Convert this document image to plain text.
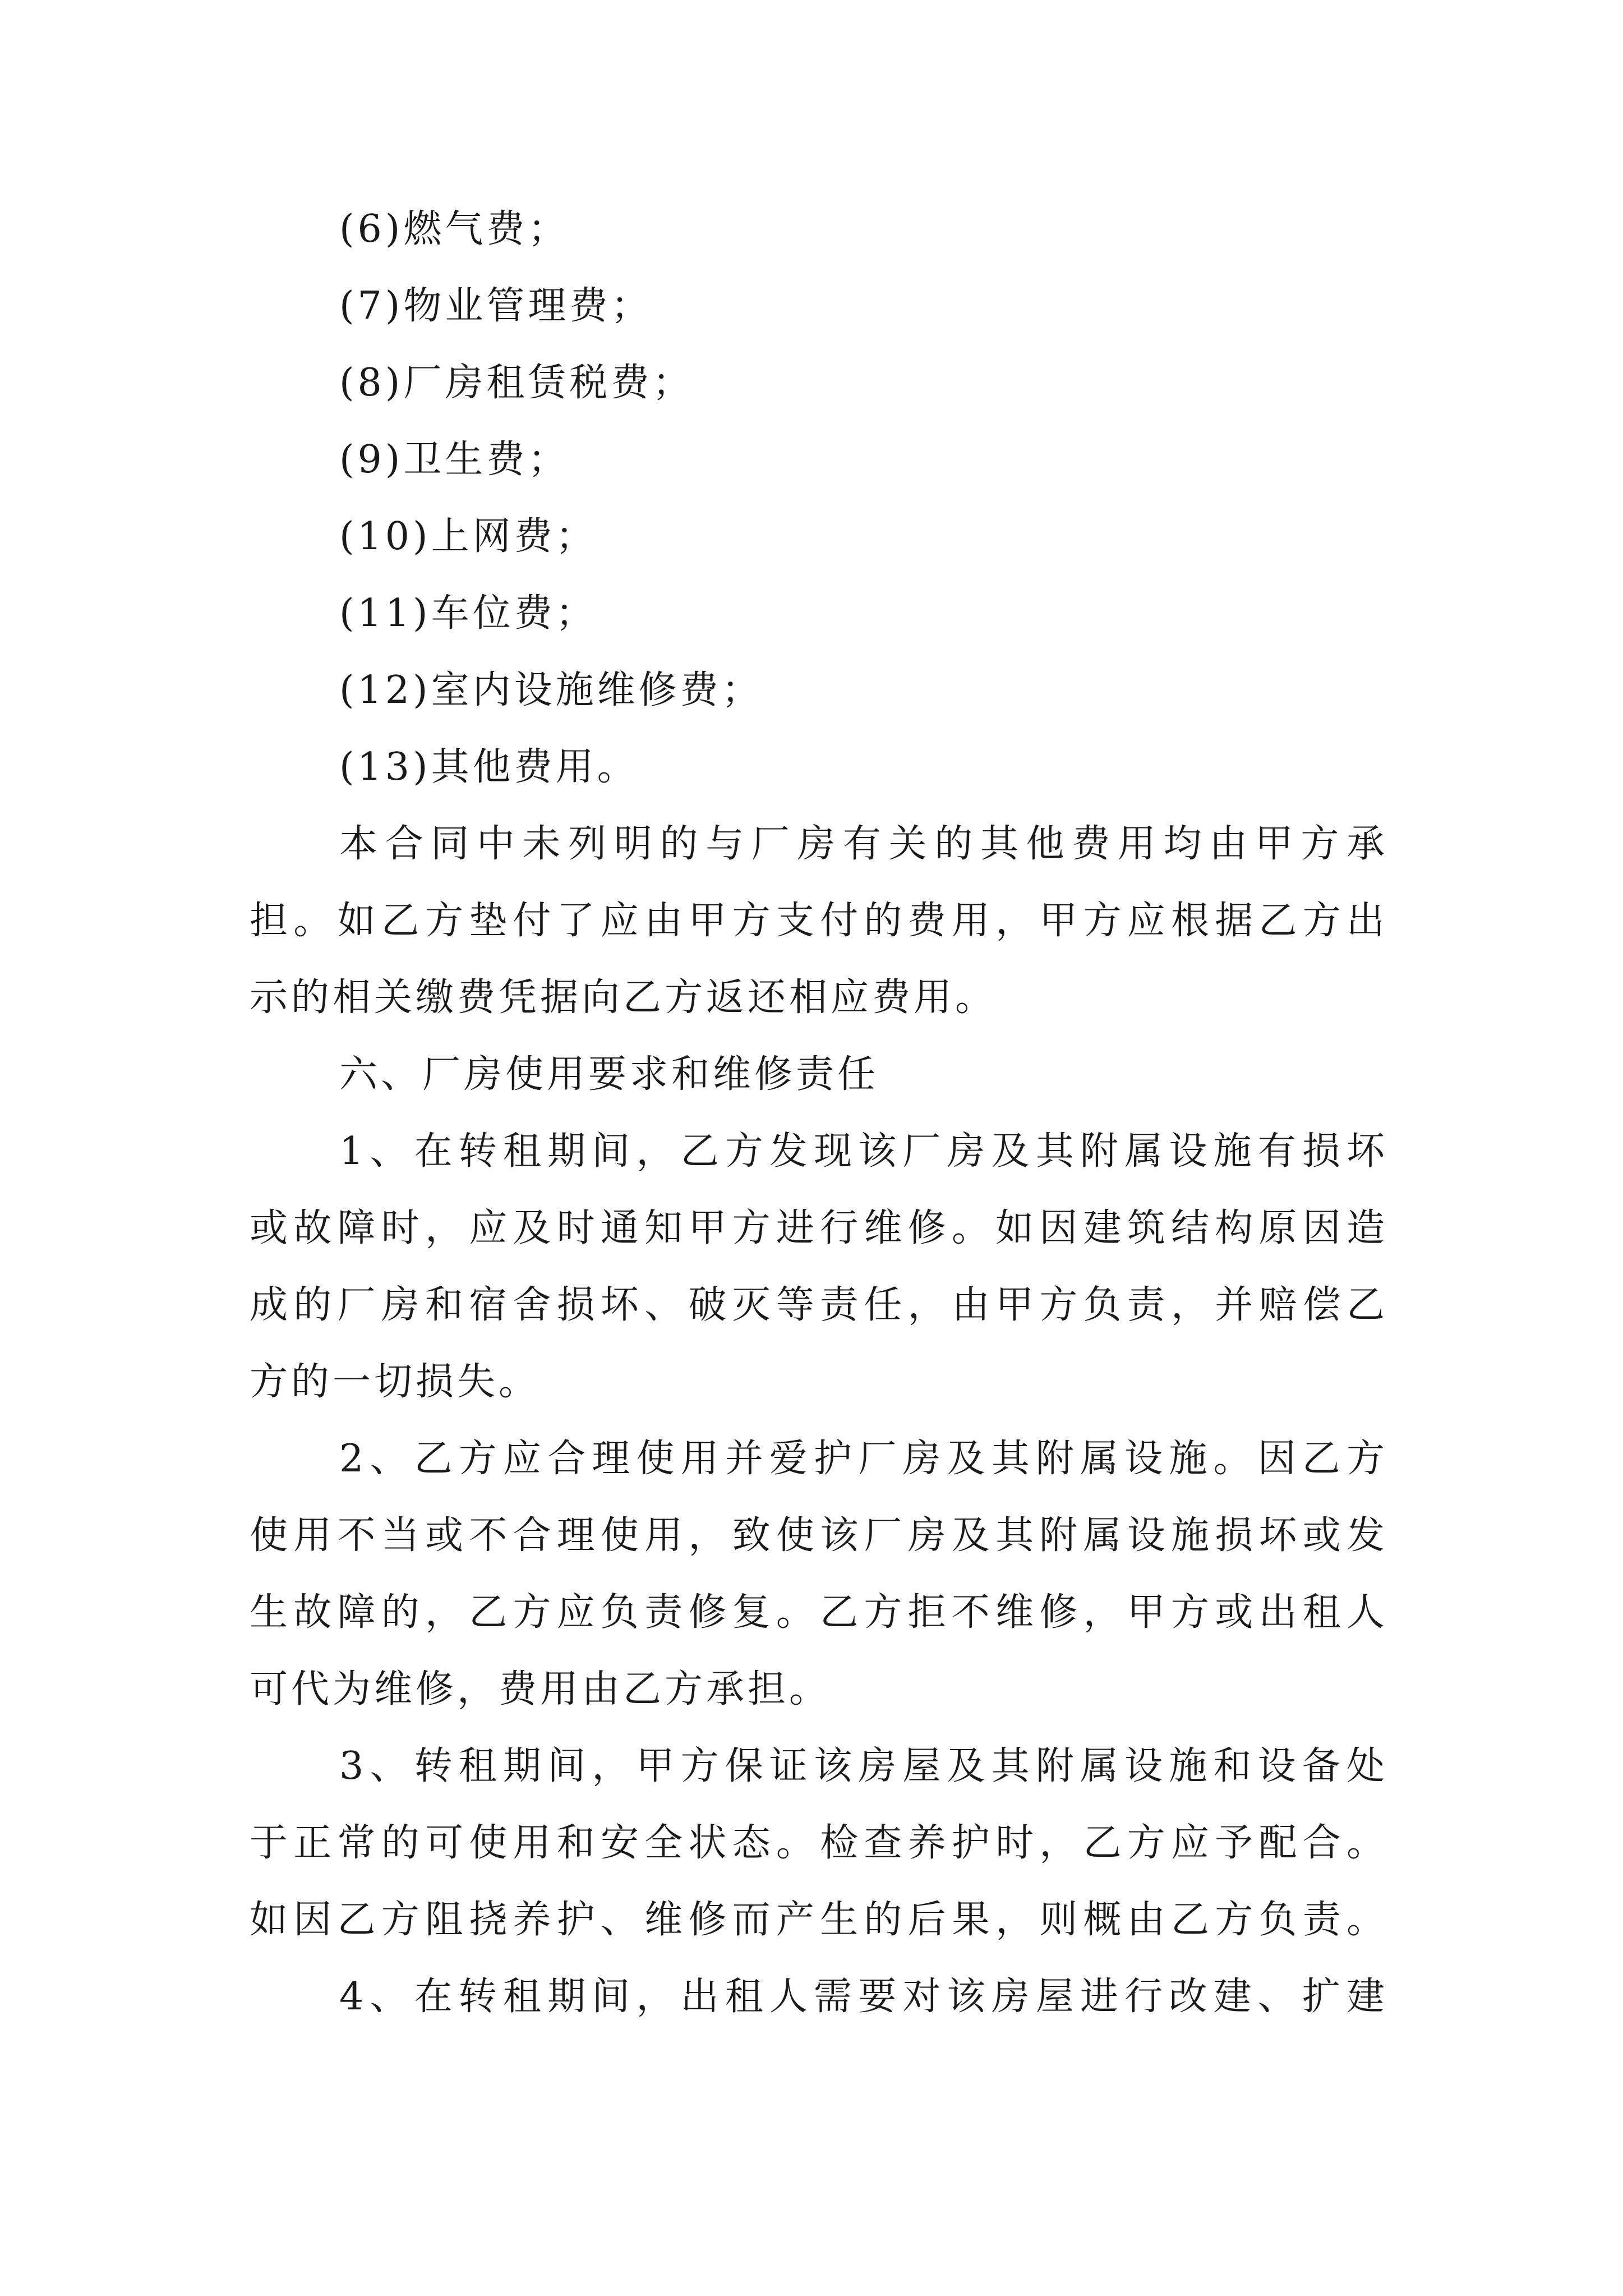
(6)燃气费；
(7)物业管理费；
(8)厂房租赁税费；
(9)卫生费；
(10)上网费；
(11)车位费；
(12)室内设施维修费；
(13)其他费用。
本合同中未列明的与厂房有关的其他费用均由甲方承
担。如乙方垫付了应由甲方支付的费用，甲方应根据乙方出
示的相关缴费凭据向乙方返还相应费用。
六、厂房使用要求和维修责任
1、在转租期间，乙方发现该厂房及其附属设施有损坏
或故障时，应及时通知甲方进行维修。如因建筑结构原因造
成的厂房和宿舍损坏、破灭等责任，由甲方负责，并赔偿乙
方的一切损失。
2、乙方应合理使用并爱护厂房及其附属设施。因乙方
使用不当或不合理使用，致使该厂房及其附属设施损坏或发
生故障的，乙方应负责修复。乙方拒不维修，甲方或出租人
可代为维修，费用由乙方承担。
3、转租期间，甲方保证该房屋及其附属设施和设备处
于正常的可使用和安全状态。检查养护时，乙方应予配合。
如因乙方阻挠养护、维修而产生的后果，则概由乙方负责。
4、在转租期间，出租人需要对该房屋进行改建、扩建
